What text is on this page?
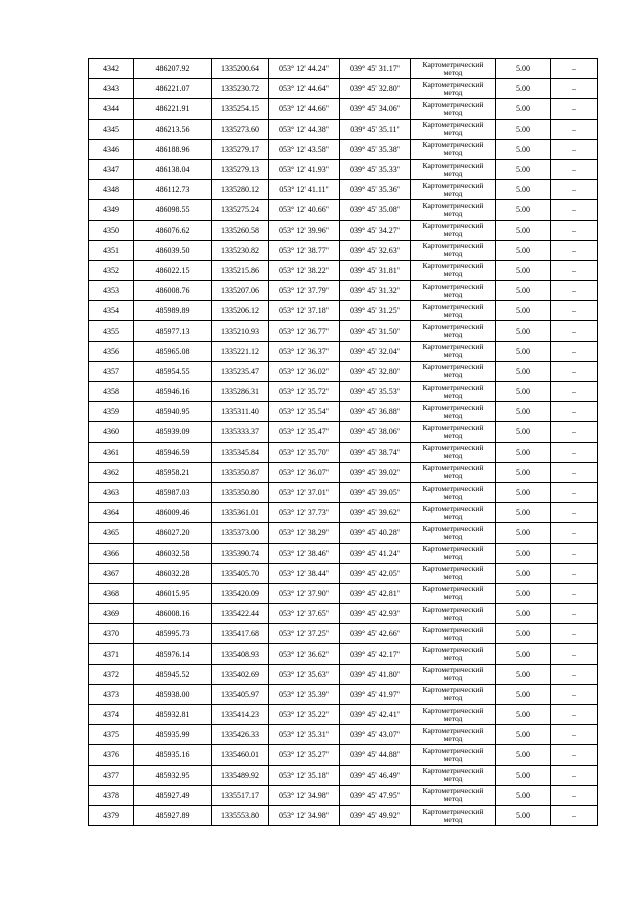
4342	486207.92	1335200.64	053° 12' 44.24"	039° 45' 31.17"	Картометрический
метод	5.00	–
4343	486221.07	1335230.72	053° 12' 44.64"	039° 45' 32.80"	Картометрический
метод	5.00	–
4344	486221.91	1335254.15	053° 12' 44.66"	039° 45' 34.06"	Картометрический
метод	5.00	–
4345	486213.56	1335273.60	053° 12' 44.38"	039° 45' 35.11"	Картометрический
метод	5.00	–
4346	486188.96	1335279.17	053° 12' 43.58"	039° 45' 35.38"	Картометрический
метод	5.00	–
4347	486138.04	1335279.13	053° 12' 41.93"	039° 45' 35.33"	Картометрический
метод	5.00	–
4348	486112.73	1335280.12	053° 12' 41.11"	039° 45' 35.36"	Картометрический
метод	5.00	–
4349	486098.55	1335275.24	053° 12' 40.66"	039° 45' 35.08"	Картометрический
метод	5.00	–
4350	486076.62	1335260.58	053° 12' 39.96"	039° 45' 34.27"	Картометрический
метод	5.00	–
4351	486039.50	1335230.82	053° 12' 38.77"	039° 45' 32.63"	Картометрический
метод	5.00	–
4352	486022.15	1335215.86	053° 12' 38.22"	039° 45' 31.81"	Картометрический
метод	5.00	–
4353	486008.76	1335207.06	053° 12' 37.79"	039° 45' 31.32"	Картометрический
метод	5.00	–
4354	485989.89	1335206.12	053° 12' 37.18"	039° 45' 31.25"	Картометрический
метод	5.00	–
4355	485977.13	1335210.93	053° 12' 36.77"	039° 45' 31.50"	Картометрический
метод	5.00	–
4356	485965.08	1335221.12	053° 12' 36.37"	039° 45' 32.04"	Картометрический
метод	5.00	–
4357	485954.55	1335235.47	053° 12' 36.02"	039° 45' 32.80"	Картометрический
метод	5.00	–
4358	485946.16	1335286.31	053° 12' 35.72"	039° 45' 35.53"	Картометрический
метод	5.00	–
4359	485940.95	1335311.40	053° 12' 35.54"	039° 45' 36.88"	Картометрический
метод	5.00	–
4360	485939.09	1335333.37	053° 12' 35.47"	039° 45' 38.06"	Картометрический
метод	5.00	–
4361	485946.59	1335345.84	053° 12' 35.70"	039° 45' 38.74"	Картометрический
метод	5.00	–
4362	485958.21	1335350.87	053° 12' 36.07"	039° 45' 39.02"	Картометрический
метод	5.00	–
4363	485987.03	1335350.80	053° 12' 37.01"	039° 45' 39.05"	Картометрический
метод	5.00	–
4364	486009.46	1335361.01	053° 12' 37.73"	039° 45' 39.62"	Картометрический
метод	5.00	–
4365	486027.20	1335373.00	053° 12' 38.29"	039° 45' 40.28"	Картометрический
метод	5.00	–
4366	486032.58	1335390.74	053° 12' 38.46"	039° 45' 41.24"	Картометрический
метод	5.00	–
4367	486032.28	1335405.70	053° 12' 38.44"	039° 45' 42.05"	Картометрический
метод	5.00	–
4368	486015.95	1335420.09	053° 12' 37.90"	039° 45' 42.81"	Картометрический
метод	5.00	–
4369	486008.16	1335422.44	053° 12' 37.65"	039° 45' 42.93"	Картометрический
метод	5.00	–
4370	485995.73	1335417.68	053° 12' 37.25"	039° 45' 42.66"	Картометрический
метод	5.00	–
4371	485976.14	1335408.93	053° 12' 36.62"	039° 45' 42.17"	Картометрический
метод	5.00	–
4372	485945.52	1335402.69	053° 12' 35.63"	039° 45' 41.80"	Картометрический
метод	5.00	–
4373	485938.00	1335405.97	053° 12' 35.39"	039° 45' 41.97"	Картометрический
метод	5.00	–
4374	485932.81	1335414.23	053° 12' 35.22"	039° 45' 42.41"	Картометрический
метод	5.00	–
4375	485935.99	1335426.33	053° 12' 35.31"	039° 45' 43.07"	Картометрический
метод	5.00	–
4376	485935.16	1335460.01	053° 12' 35.27"	039° 45' 44.88"	Картометрический
метод	5.00	–
4377	485932.95	1335489.92	053° 12' 35.18"	039° 45' 46.49"	Картометрический
метод	5.00	–
4378	485927.49	1335517.17	053° 12' 34.98"	039° 45' 47.95"	Картометрический
метод	5.00	–
4379	485927.89	1335553.80	053° 12' 34.98"	039° 45' 49.92"	Картометрический
метод	5.00	–
